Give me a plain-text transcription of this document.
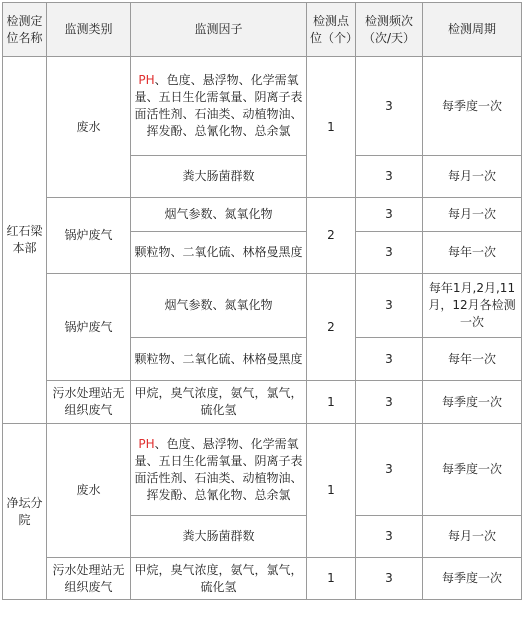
检测定位名称	监测类别	监测因子	检测点位（个）	检测频次（次/天）	检测周期
红石梁本部	废水	PH、色度、悬浮物、化学需氧量、五日生化需氧量、阴离子表面活性剂、石油类、动植物油、挥发酚、总氰化物、总余氯	1	3	每季度一次
		粪大肠菌群数		3	每月一次
	锅炉废气	烟气参数、氮氧化物	2	3	每月一次
		颗粒物、二氧化硫、林格曼黑度		3	每年一次
	锅炉废气	烟气参数、氮氧化物	2	3	每年1月,2月,11月，12月各检测一次
		颗粒物、二氧化硫、林格曼黑度		3	每年一次
	污水处理站无组织废气	甲烷，臭气浓度，氨气，氯气，硫化氢	1	3	每季度一次
净坛分院	废水	PH、色度、悬浮物、化学需氧量、五日生化需氧量、阴离子表面活性剂、石油类、动植物油、挥发酚、总氰化物、总余氯	1	3	每季度一次
		粪大肠菌群数		3	每月一次
	污水处理站无组织废气	甲烷，臭气浓度，氨气，氯气，硫化氢	1	3	每季度一次
